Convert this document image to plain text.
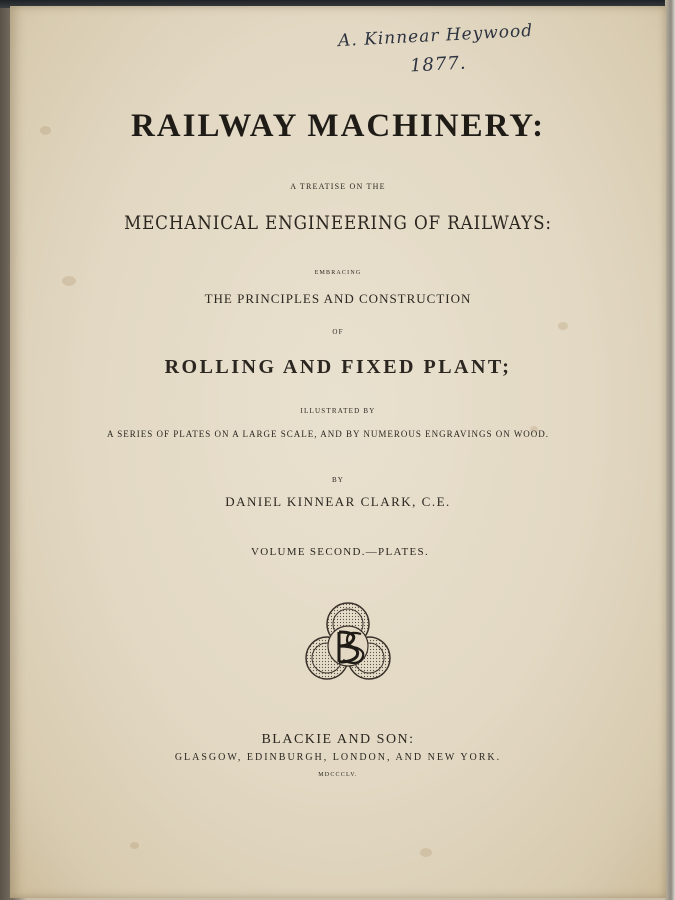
A. Kinnear Heywood
1877.
RAILWAY MACHINERY:
A TREATISE ON THE
MECHANICAL ENGINEERING OF RAILWAYS:
EMBRACING
THE PRINCIPLES AND CONSTRUCTION
OF
ROLLING AND FIXED PLANT;
ILLUSTRATED BY
A SERIES OF PLATES ON A LARGE SCALE, AND BY NUMEROUS ENGRAVINGS ON WOOD.
BY
DANIEL KINNEAR CLARK, C.E.
VOLUME SECOND.—PLATES.
BLACKIE AND SON:
GLASGOW, EDINBURGH, LONDON, AND NEW YORK.
MDCCCLV.
